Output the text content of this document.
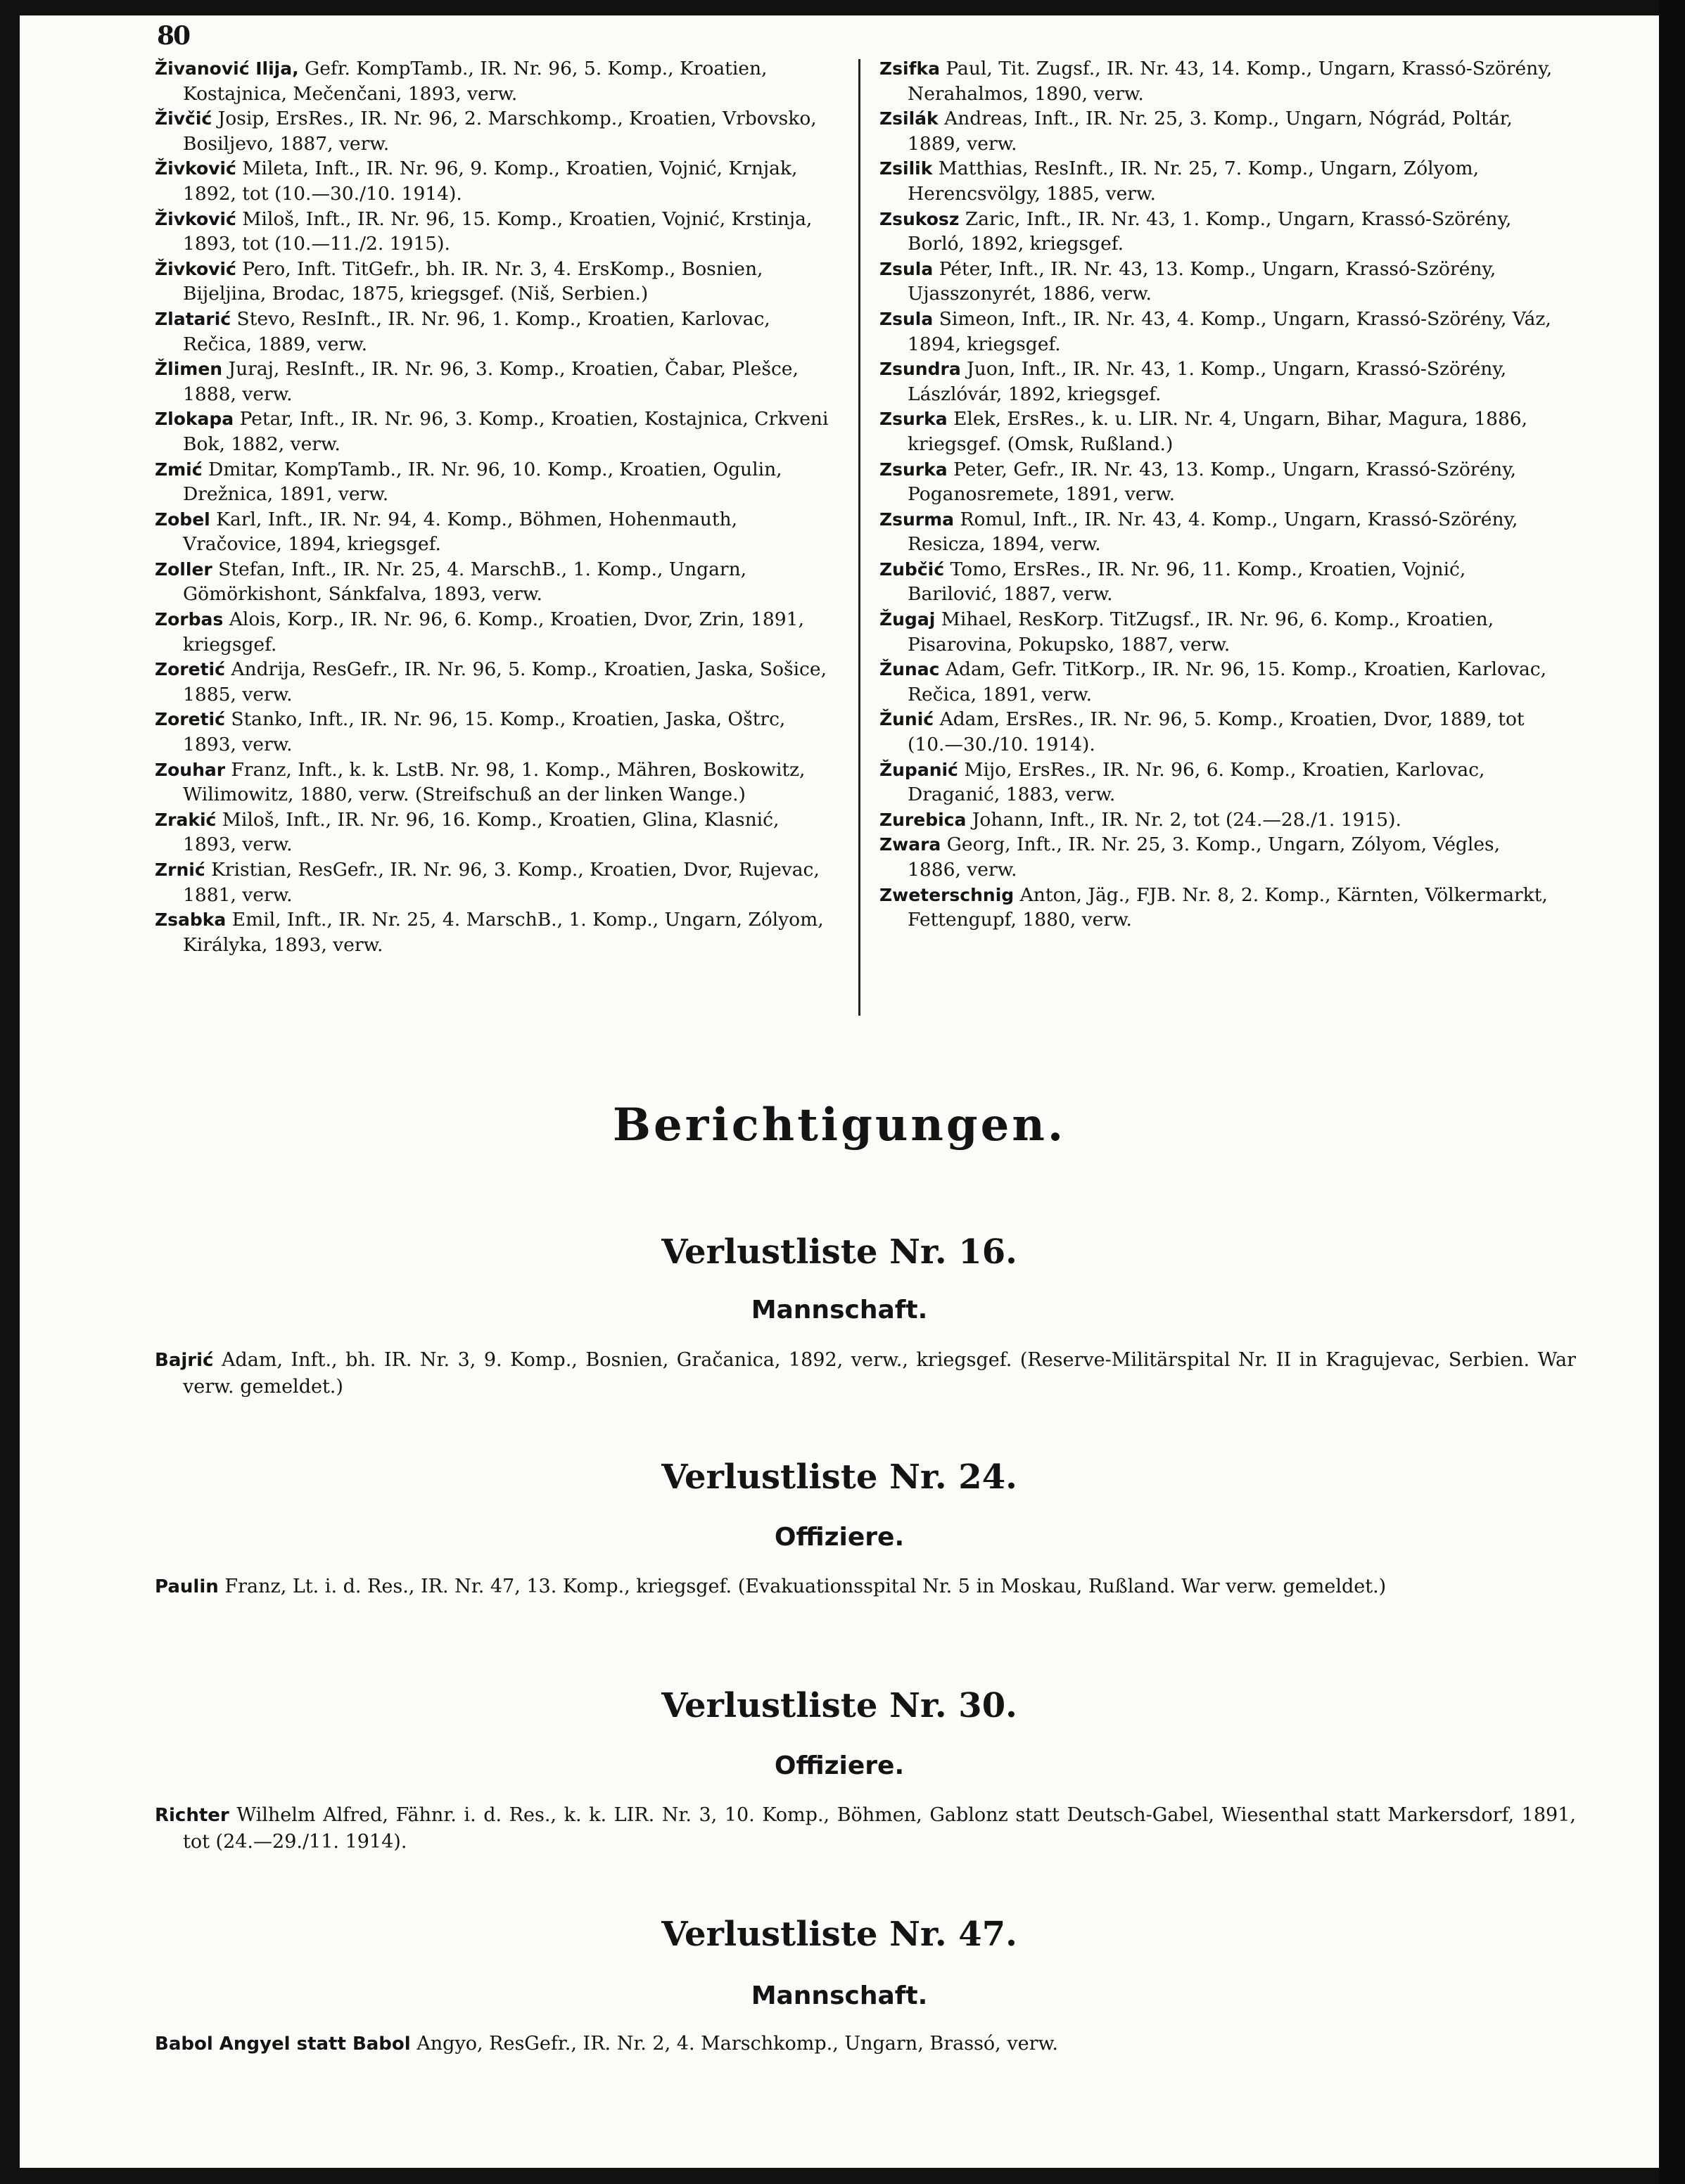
80

Živanović Ilija, Gefr. KompTamb., IR. Nr. 96, 5. Komp., Kroatien, Kostajnica, Mečenčani, 1893, verw.

Živčić Josip, ErsRes., IR. Nr. 96, 2. Marschkomp., Kroatien, Vrbovsko, Bosiljevo, 1887, verw.

Živković Mileta, Inft., IR. Nr. 96, 9. Komp., Kroatien, Vojnić, Krnjak, 1892, tot (10.—30./10. 1914).

Živković Miloš, Inft., IR. Nr. 96, 15. Komp., Kroatien, Vojnić, Krstinja, 1893, tot (10.—11./2. 1915).

Živković Pero, Inft. TitGefr., bh. IR. Nr. 3, 4. ErsKomp., Bosnien, Bijeljina, Brodac, 1875, kriegsgef. (Niš, Serbien.)

Zlatarić Stevo, ResInft., IR. Nr. 96, 1. Komp., Kroatien, Karlovac, Rečica, 1889, verw.

Žlimen Juraj, ResInft., IR. Nr. 96, 3. Komp., Kroatien, Čabar, Plešce, 1888, verw.

Zlokapa Petar, Inft., IR. Nr. 96, 3. Komp., Kroatien, Kostajnica, Crkveni Bok, 1882, verw.

Zmić Dmitar, KompTamb., IR. Nr. 96, 10. Komp., Kroatien, Ogulin, Drežnica, 1891, verw.

Zobel Karl, Inft., IR. Nr. 94, 4. Komp., Böhmen, Hohenmauth, Vračovice, 1894, kriegsgef.

Zoller Stefan, Inft., IR. Nr. 25, 4. MarschB., 1. Komp., Ungarn, Gömörkishont, Sánkfalva, 1893, verw.

Zorbas Alois, Korp., IR. Nr. 96, 6. Komp., Kroatien, Dvor, Zrin, 1891, kriegsgef.

Zoretić Andrija, ResGefr., IR. Nr. 96, 5. Komp., Kroatien, Jaska, Sošice, 1885, verw.

Zoretić Stanko, Inft., IR. Nr. 96, 15. Komp., Kroatien, Jaska, Oštrc, 1893, verw.

Zouhar Franz, Inft., k. k. LstB. Nr. 98, 1. Komp., Mähren, Boskowitz, Wilimowitz, 1880, verw. (Streifschuß an der linken Wange.)

Zrakić Miloš, Inft., IR. Nr. 96, 16. Komp., Kroatien, Glina, Klasnić, 1893, verw.

Zrnić Kristian, ResGefr., IR. Nr. 96, 3. Komp., Kroatien, Dvor, Rujevac, 1881, verw.

Zsabka Emil, Inft., IR. Nr. 25, 4. MarschB., 1. Komp., Ungarn, Zólyom, Királyka, 1893, verw.

Zsifka Paul, Tit. Zugsf., IR. Nr. 43, 14. Komp., Ungarn, Krassó-Szörény, Nerahalmos, 1890, verw.

Zsilák Andreas, Inft., IR. Nr. 25, 3. Komp., Ungarn, Nógrád, Poltár, 1889, verw.

Zsilik Matthias, ResInft., IR. Nr. 25, 7. Komp., Ungarn, Zólyom, Herencsvölgy, 1885, verw.

Zsukosz Zaric, Inft., IR. Nr. 43, 1. Komp., Ungarn, Krassó-Szörény, Borló, 1892, kriegsgef.

Zsula Péter, Inft., IR. Nr. 43, 13. Komp., Ungarn, Krassó-Szörény, Ujasszonyrét, 1886, verw.

Zsula Simeon, Inft., IR. Nr. 43, 4. Komp., Ungarn, Krassó-Szörény, Váz, 1894, kriegsgef.

Zsundra Juon, Inft., IR. Nr. 43, 1. Komp., Ungarn, Krassó-Szörény, Lászlóvár, 1892, kriegsgef.

Zsurka Elek, ErsRes., k. u. LIR. Nr. 4, Ungarn, Bihar, Magura, 1886, kriegsgef. (Omsk, Rußland.)

Zsurka Peter, Gefr., IR. Nr. 43, 13. Komp., Ungarn, Krassó-Szörény, Poganosremete, 1891, verw.

Zsurma Romul, Inft., IR. Nr. 43, 4. Komp., Ungarn, Krassó-Szörény, Resicza, 1894, verw.

Zubčić Tomo, ErsRes., IR. Nr. 96, 11. Komp., Kroatien, Vojnić, Barilović, 1887, verw.

Žugaj Mihael, ResKorp. TitZugsf., IR. Nr. 96, 6. Komp., Kroatien, Pisarovina, Pokupsko, 1887, verw.

Žunac Adam, Gefr. TitKorp., IR. Nr. 96, 15. Komp., Kroatien, Karlovac, Rečica, 1891, verw.

Žunić Adam, ErsRes., IR. Nr. 96, 5. Komp., Kroatien, Dvor, 1889, tot (10.—30./10. 1914).

Županić Mijo, ErsRes., IR. Nr. 96, 6. Komp., Kroatien, Karlovac, Draganić, 1883, verw.

Zurebica Johann, Inft., IR. Nr. 2, tot (24.—28./1. 1915).

Zwara Georg, Inft., IR. Nr. 25, 3. Komp., Ungarn, Zólyom, Végles, 1886, verw.

Zweterschnig Anton, Jäg., FJB. Nr. 8, 2. Komp., Kärnten, Völkermarkt, Fettengupf, 1880, verw.

Berichtigungen.
Verlustliste Nr. 16.
Mannschaft.

Bajrić Adam, Inft., bh. IR. Nr. 3, 9. Komp., Bosnien, Gračanica, 1892, verw., kriegsgef. (Reserve-Militärspital Nr. II in Kragujevac, Serbien. War verw. gemeldet.)

Verlustliste Nr. 24.
Offiziere.

Paulin Franz, Lt. i. d. Res., IR. Nr. 47, 13. Komp., kriegsgef. (Evakuationsspital Nr. 5 in Moskau, Rußland. War verw. gemeldet.)

Verlustliste Nr. 30.
Offiziere.

Richter Wilhelm Alfred, Fähnr. i. d. Res., k. k. LIR. Nr. 3, 10. Komp., Böhmen, Gablonz statt Deutsch-Gabel, Wiesenthal statt Markersdorf, 1891, tot (24.—29./11. 1914).

Verlustliste Nr. 47.
Mannschaft.

Babol Angyel statt Babol Angyo, ResGefr., IR. Nr. 2, 4. Marschkomp., Ungarn, Brassó, verw.
